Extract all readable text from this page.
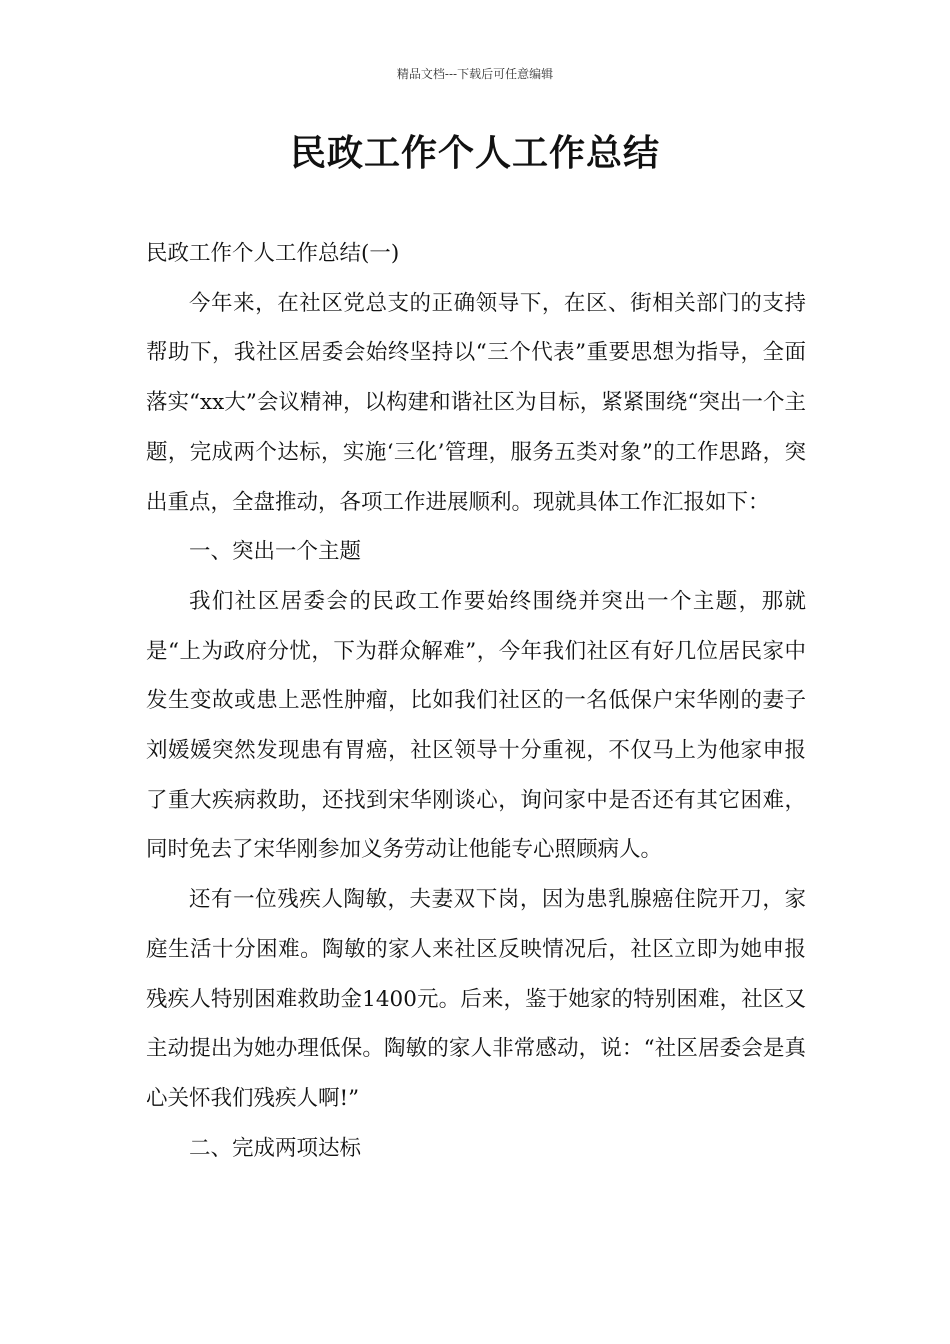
精品文档---下载后可任意编辑
民政工作个人工作总结

民政工作个人工作总结(一)

今年来，在社区党总支的正确领导下，在区、街相关部门的支持帮助下，我社区居委会始终坚持以“三个代表”重要思想为指导，全面落实“xx大”会议精神，以构建和谐社区为目标，紧紧围绕“突出一个主题，完成两个达标，实施‘三化’管理，服务五类对象”的工作思路，突出重点，全盘推动，各项工作进展顺利。现就具体工作汇报如下：

一、突出一个主题

我们社区居委会的民政工作要始终围绕并突出一个主题，那就是“上为政府分忧，下为群众解难”，今年我们社区有好几位居民家中发生变故或患上恶性肿瘤，比如我们社区的一名低保户宋华刚的妻子刘媛媛突然发现患有胃癌，社区领导十分重视，不仅马上为他家申报了重大疾病救助，还找到宋华刚谈心，询问家中是否还有其它困难，同时免去了宋华刚参加义务劳动让他能专心照顾病人。

还有一位残疾人陶敏，夫妻双下岗，因为患乳腺癌住院开刀，家庭生活十分困难。陶敏的家人来社区反映情况后，社区立即为她申报残疾人特别困难救助金1400元。后来，鉴于她家的特别困难，社区又主动提出为她办理低保。陶敏的家人非常感动，说：“社区居委会是真心关怀我们残疾人啊!”

二、完成两项达标
